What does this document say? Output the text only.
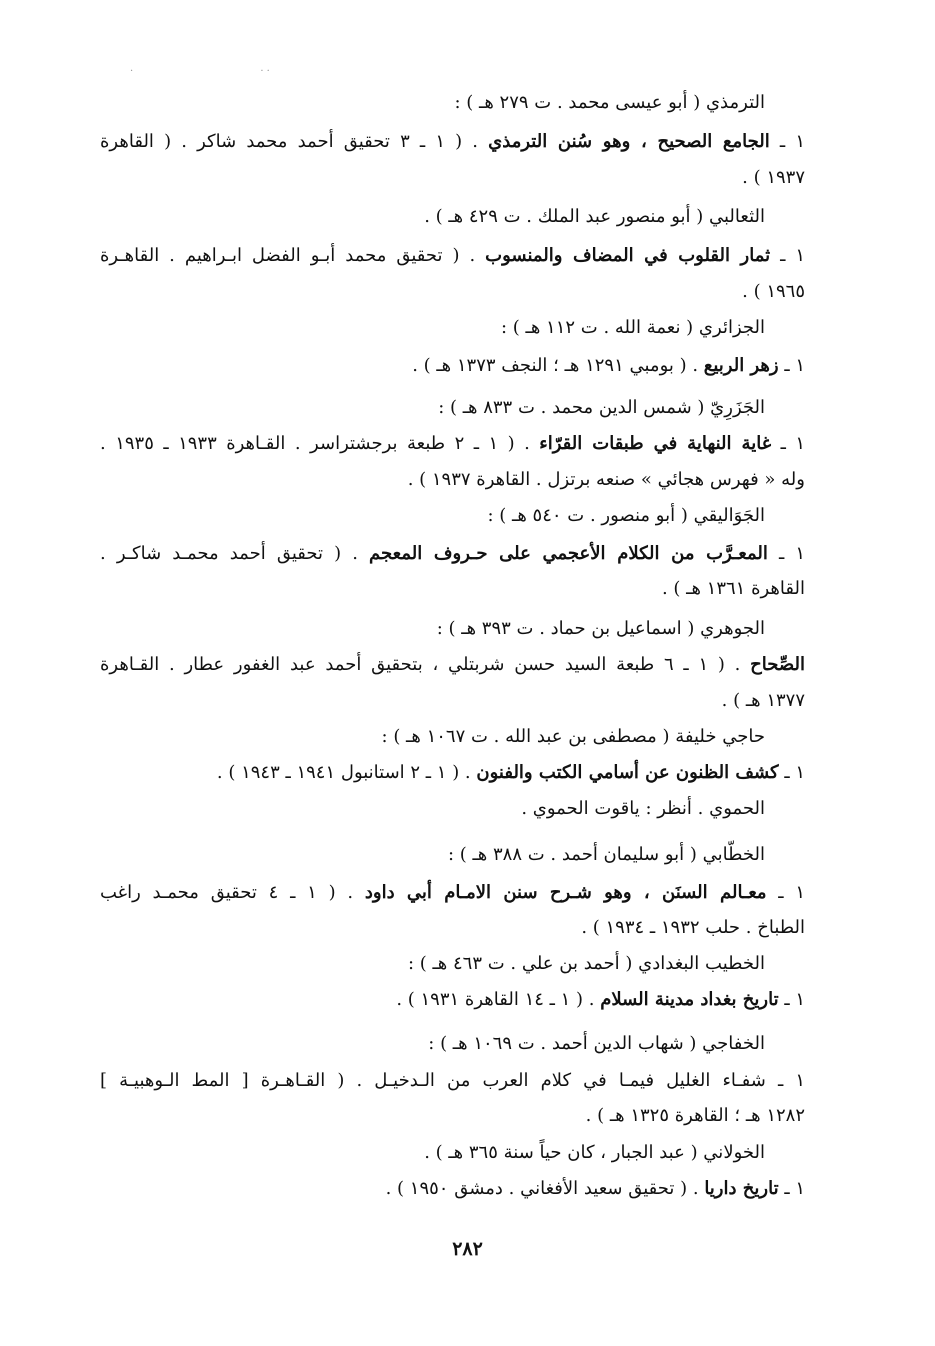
·                                        · ·
الترمذي ( أبو عيسى محمد . ت ٢٧٩ هـ ) :
١ ـ الجامع الصحيح ، وهو سُنن الترمذي . ( ١ ـ ٣ تحقيق أحمد محمد شاكر . ( القاهرة
١٩٣٧ ) .
الثعالبي ( أبو منصور عبد الملك . ت ٤٢٩ هـ ) .
١ ـ ثمار القلوب في المضاف والمنسوب . ( تحقيق محمد أبـو الفضل ابـراهيم . القاهـرة
١٩٦٥ ) .
الجزائري ( نعمة الله . ت ١١٢ هـ ) :
١ ـ زهر الربيع . ( بومبي ١٢٩١ هـ ؛ النجف ١٣٧٣ هـ ) .
الجَزَرِيّ ( شمس الدين محمد . ت ٨٣٣ هـ ) :
١ ـ غاية النهاية في طبقات القرّاء . ( ١ ـ ٢ طبعة برجشتراسر . القـاهرة ١٩٣٣ ـ ١٩٣٥ .
وله « فهرس هجائي » صنعه برتزل . القاهرة ١٩٣٧ ) .
الجَوَاليقي ( أبو منصور . ت ٥٤٠ هـ ) :
١ ـ المعـرَّب من الكلام الأعجمي على حـروف المعجم . ( تحقيق أحمد محمـد شاكـر .
القاهرة ١٣٦١ هـ ) .
الجوهري ( اسماعيل بن حماد . ت ٣٩٣ هـ ) :
الصِّحاح . ( ١ ـ ٦ طبعة السيد حسن شربتلي ، بتحقيق أحمد عبد الغفور عطار . القـاهرة
١٣٧٧ هـ ) .
حاجي خليفة ( مصطفى بن عبد الله . ت ١٠٦٧ هـ ) :
١ ـ كشف الظنون عن أسامي الكتب والفنون . ( ١ ـ ٢ استانبول ١٩٤١ ـ ١٩٤٣ ) .
الحموي . أنظر : ياقوت الحموي .
الخطّابي ( أبو سليمان أحمد . ت ٣٨٨ هـ ) :
١ ـ معـالم السنَن ، وهو شـرح سنن الامـام أبي داود . ( ١ ـ ٤ تحقيق محمـد راغب
الطباخ . حلب ١٩٣٢ ـ ١٩٣٤ ) .
الخطيب البغدادي ( أحمد بن علي . ت ٤٦٣ هـ ) :
١ ـ تاريخ بغداد مدينة السلام . ( ١ ـ ١٤ القاهرة ١٩٣١ ) .
الخفاجي ( شهاب الدين أحمد . ت ١٠٦٩ هـ ) :
١ ـ شفـاء الغليل فيمـا في كلام العرب من الـدخيـل . ( القـاهـرة [ المط الـوهبيـة ]
١٢٨٢ هـ ؛ القاهرة ١٣٢٥ هـ ) .
الخولاني ( عبد الجبار ، كان حياً سنة ٣٦٥ هـ ) .
١ ـ تاريخ داريا . ( تحقيق سعيد الأفغاني . دمشق ١٩٥٠ ) .
٢٨٢
